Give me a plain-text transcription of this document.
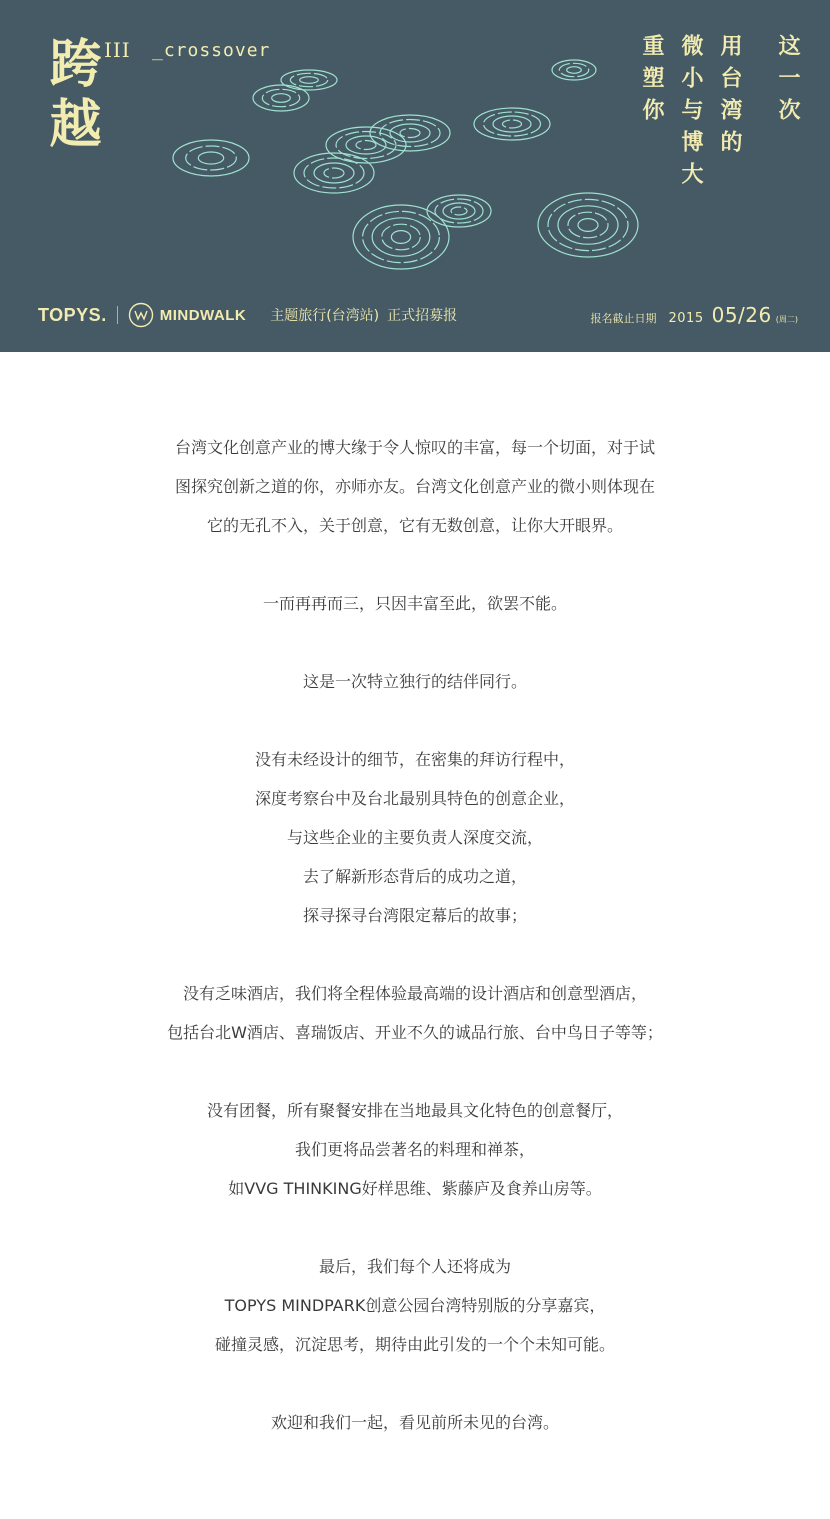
跨越
III _crossover	这一次
用台湾的
微小与博大
重塑你
TOPYS.	MINDWALK 主题旅行(台湾站) 正式招募报	报名截止日期 2015 05/26 (周二)
台湾文化创意产业的博大缘于令人惊叹的丰富，每一个切面，对于试
图探究创新之道的你，亦师亦友。台湾文化创意产业的微小则体现在
它的无孔不入，关于创意，它有无数创意，让你大开眼界。
一而再再而三，只因丰富至此，欲罢不能。
这是一次特立独行的结伴同行。
没有未经设计的细节，在密集的拜访行程中，
深度考察台中及台北最别具特色的创意企业，
与这些企业的主要负责人深度交流，
去了解新形态背后的成功之道，
探寻探寻台湾限定幕后的故事；
没有乏味酒店，我们将全程体验最高端的设计酒店和创意型酒店，
包括台北W酒店、喜瑞饭店、开业不久的诚品行旅、台中鸟日子等等；
没有团餐，所有聚餐安排在当地最具文化特色的创意餐厅，
我们更将品尝著名的料理和禅茶，
如VVG THINKING好样思维、紫藤庐及食养山房等。
最后，我们每个人还将成为
TOPYS MINDPARK创意公园台湾特别版的分享嘉宾，
碰撞灵感，沉淀思考，期待由此引发的一个个未知可能。
欢迎和我们一起，看见前所未见的台湾。
